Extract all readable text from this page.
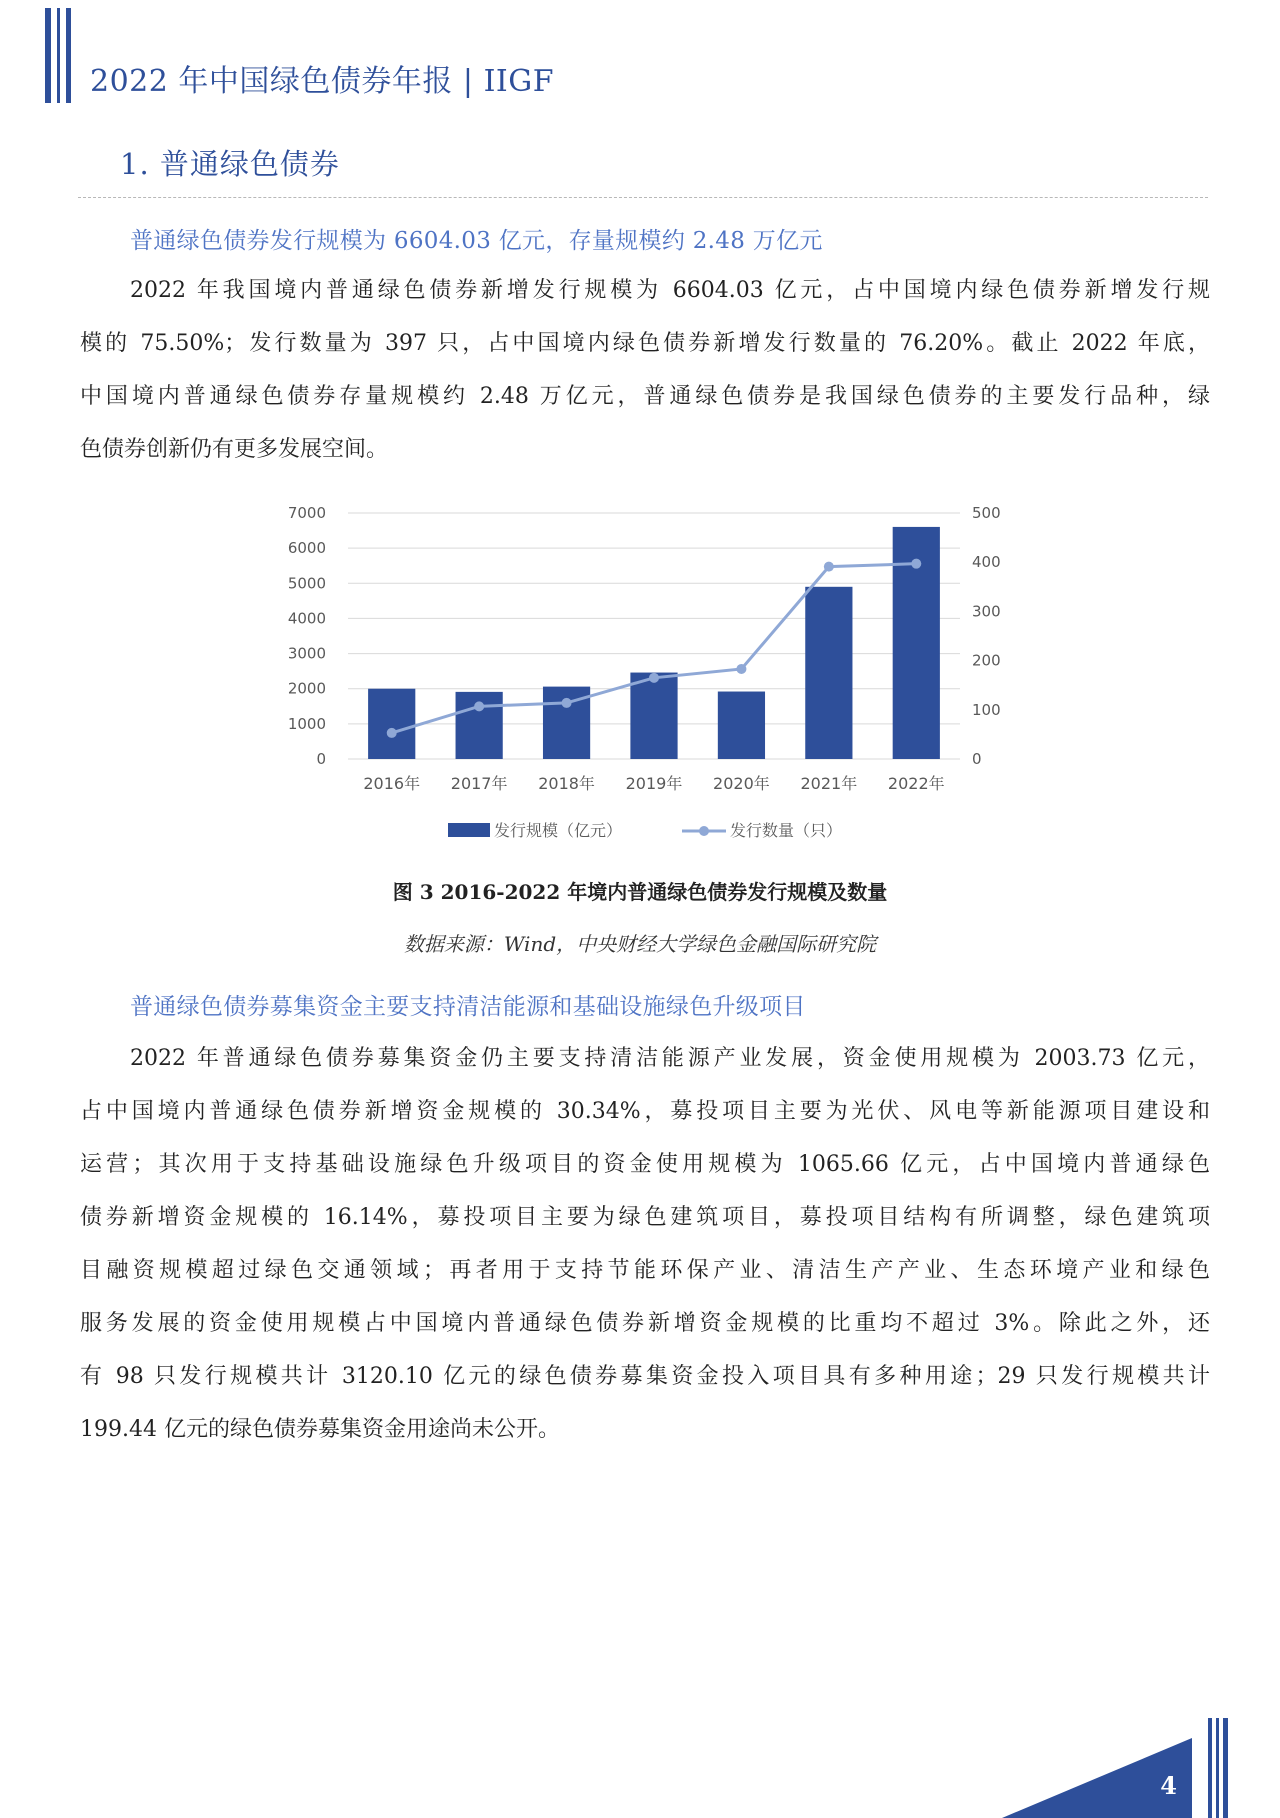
2022 年中国绿色债券年报 | IIGF
1. 普通绿色债券
普通绿色债券发行规模为 6604.03 亿元，存量规模约 2.48 万亿元
2022 年我国境内普通绿色债券新增发行规模为 6604.03 亿元，占中国境内绿色债券新增发行规
模的 75.50%；发行数量为 397 只，占中国境内绿色债券新增发行数量的 76.20%。截止 2022 年底，
中国境内普通绿色债券存量规模约 2.48 万亿元，普通绿色债券是我国绿色债券的主要发行品种，绿
色债券创新仍有更多发展空间。
0
1000
2000
3000
4000
5000
6000
7000
0
100
200
300
400
500
2016年 2017年 2018年 2019年 2020年 2021年 2022年
发行规模（亿元）	发行数量（只）
图 3 2016-2022 年境内普通绿色债券发行规模及数量
数据来源：Wind，中央财经大学绿色金融国际研究院
普通绿色债券募集资金主要支持清洁能源和基础设施绿色升级项目
2022 年普通绿色债券募集资金仍主要支持清洁能源产业发展，资金使用规模为 2003.73 亿元，
占中国境内普通绿色债券新增资金规模的 30.34%，募投项目主要为光伏、风电等新能源项目建设和
运营；其次用于支持基础设施绿色升级项目的资金使用规模为 1065.66 亿元，占中国境内普通绿色
债券新增资金规模的 16.14%，募投项目主要为绿色建筑项目，募投项目结构有所调整，绿色建筑项
目融资规模超过绿色交通领域；再者用于支持节能环保产业、清洁生产产业、生态环境产业和绿色
服务发展的资金使用规模占中国境内普通绿色债券新增资金规模的比重均不超过 3%。除此之外，还
有 98 只发行规模共计 3120.10 亿元的绿色债券募集资金投入项目具有多种用途；29 只发行规模共计
199.44 亿元的绿色债券募集资金用途尚未公开。
4
